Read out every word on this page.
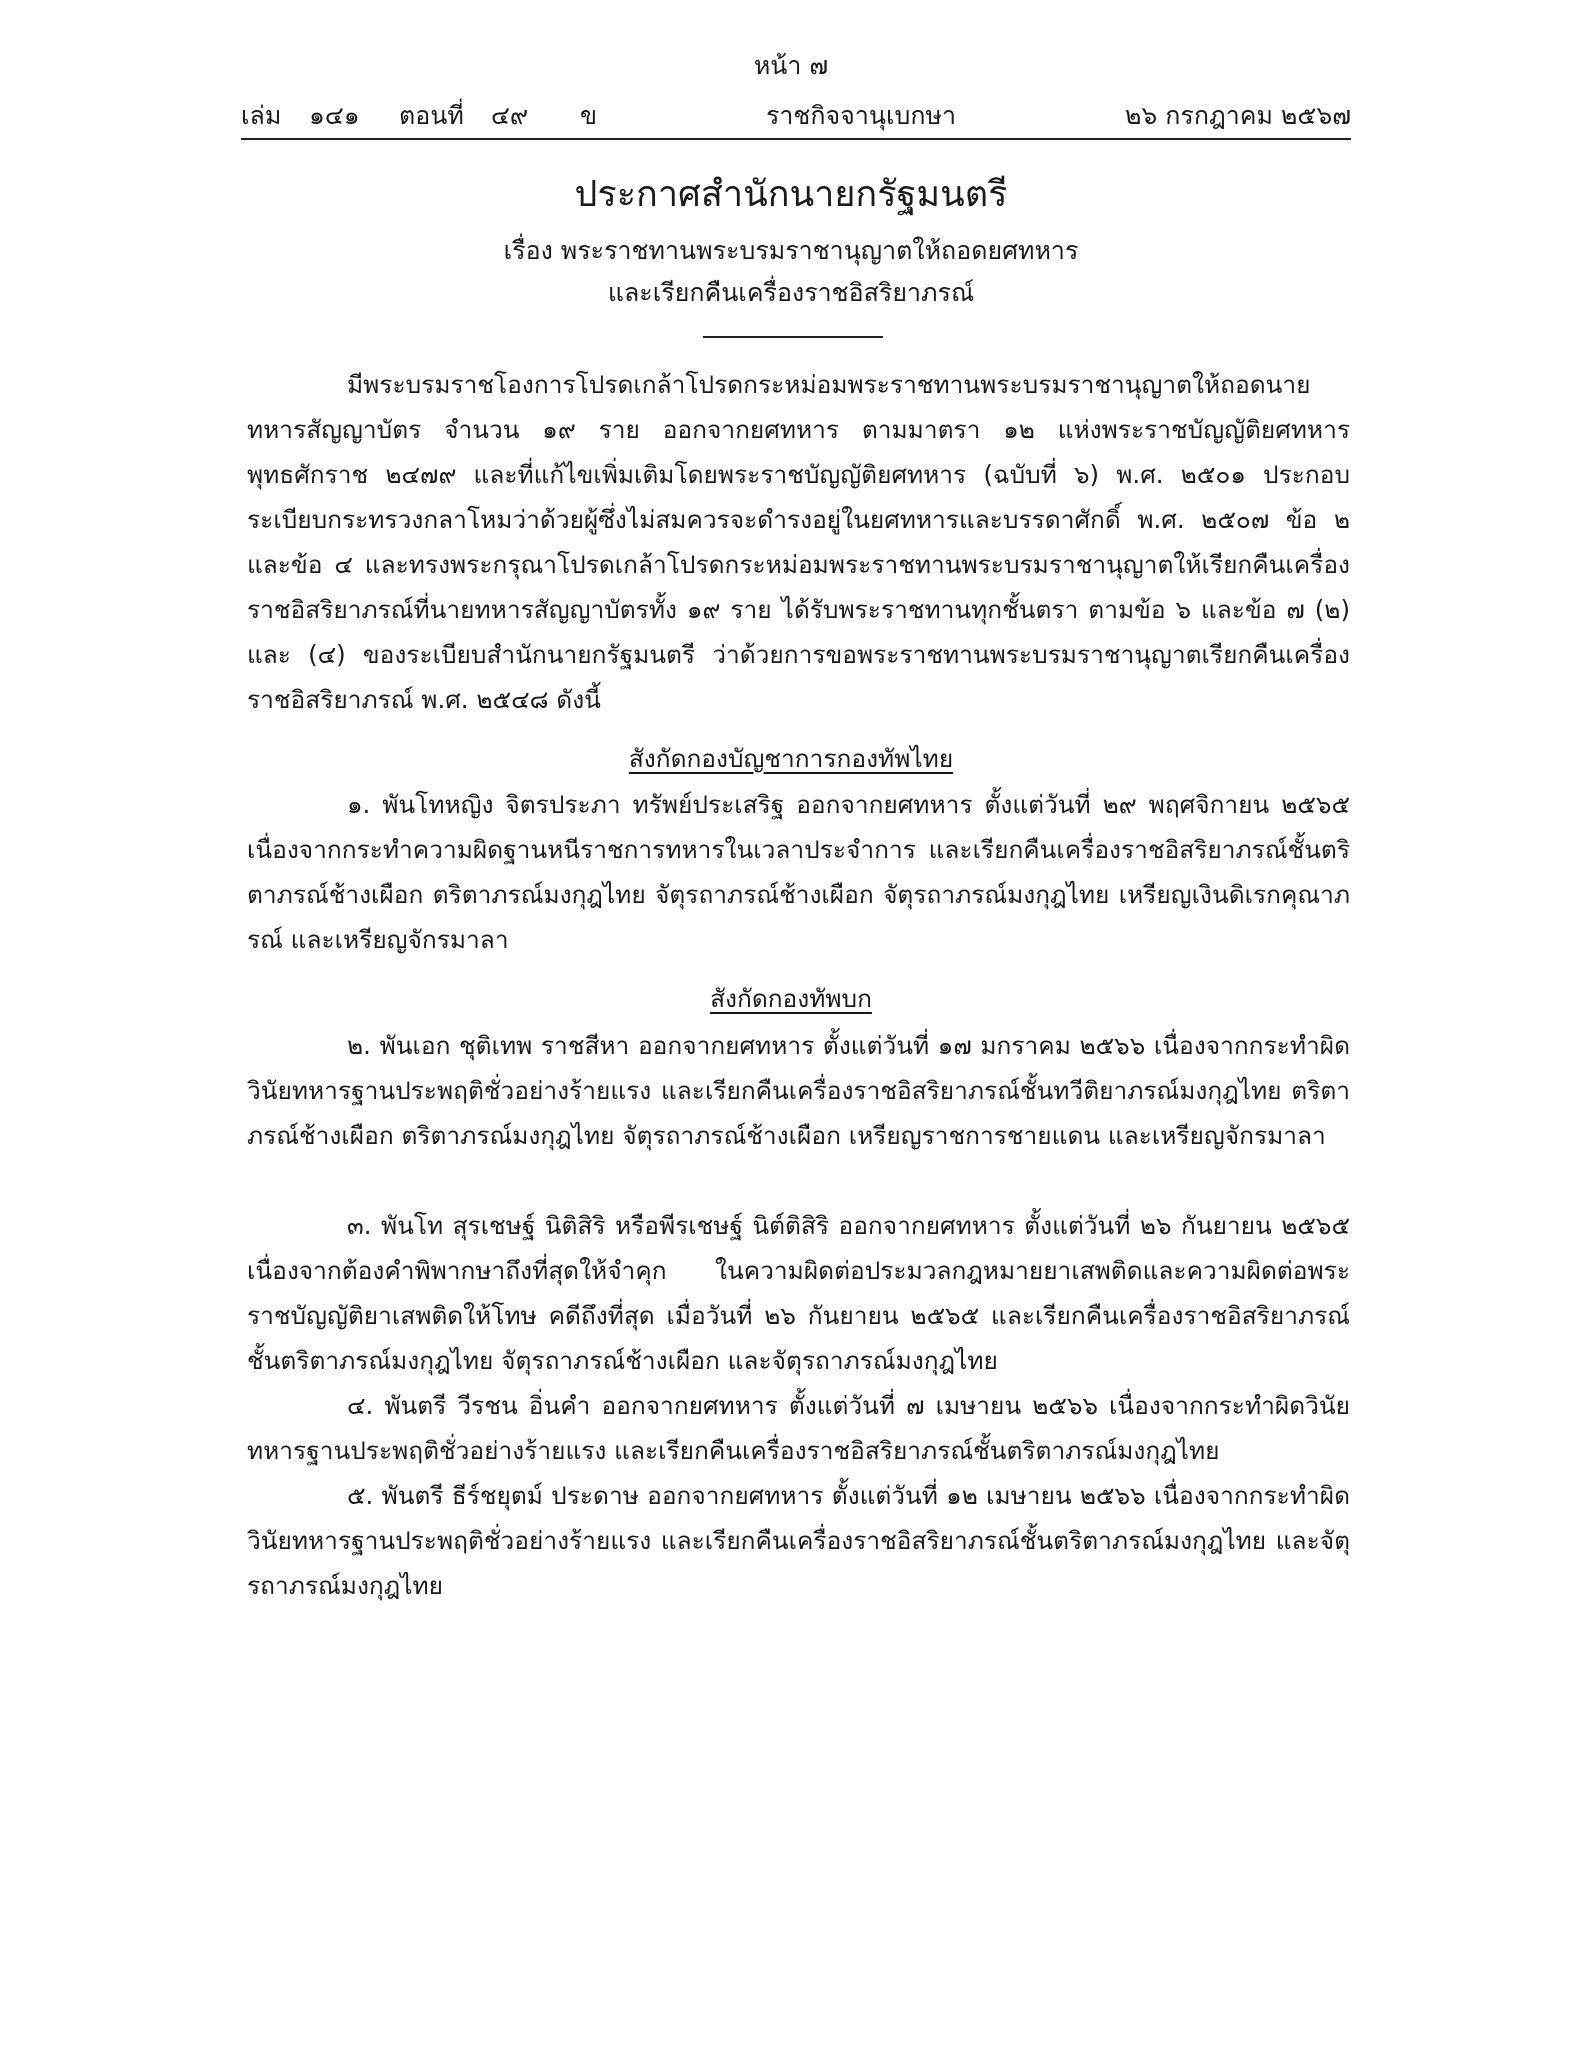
หน้า ๗
เล่ม ๑๔๑ ตอนที่ ๔๙ ข	ราชกิจจานุเบกษา	๒๖ กรกฎาคม ๒๕๖๗
ประกาศสำนักนายกรัฐมนตรี
เรื่อง พระราชทานพระบรมราชานุญาตให้ถอดยศทหาร
และเรียกคืนเครื่องราชอิสริยาภรณ์

มีพระบรมราชโองการโปรดเกล้าโปรดกระหม่อมพระราชทานพระบรมราชานุญาตให้ถอดนายทหารสัญญาบัตร จำนวน ๑๙ ราย ออกจากยศทหาร ตามมาตรา ๑๒ แห่งพระราชบัญญัติยศทหาร พุทธศักราช ๒๔๗๙ และที่แก้ไขเพิ่มเติมโดยพระราชบัญญัติยศทหาร (ฉบับที่ ๖) พ.ศ. ๒๕๐๑ ประกอบระเบียบกระทรวงกลาโหมว่าด้วยผู้ซึ่งไม่สมควรจะดำรงอยู่ในยศทหารและบรรดาศักดิ์ พ.ศ. ๒๕๐๗ ข้อ ๒ และข้อ ๔ และทรงพระกรุณาโปรดเกล้าโปรดกระหม่อมพระราชทานพระบรมราชานุญาตให้เรียกคืนเครื่องราชอิสริยาภรณ์ที่นายทหารสัญญาบัตรทั้ง ๑๙ ราย ได้รับพระราชทานทุกชั้นตรา ตามข้อ ๖ และข้อ ๗ (๒) และ (๔) ของระเบียบสำนักนายกรัฐมนตรี ว่าด้วยการขอพระราชทานพระบรมราชานุญาตเรียกคืนเครื่องราชอิสริยาภรณ์ พ.ศ. ๒๕๔๘ ดังนี้

สังกัดกองบัญชาการกองทัพไทย

๑. พันโทหญิง จิตรประภา ทรัพย์ประเสริฐ ออกจากยศทหาร ตั้งแต่วันที่ ๒๙ พฤศจิกายน ๒๕๖๕ เนื่องจากกระทำความผิดฐานหนีราชการทหารในเวลาประจำการ และเรียกคืนเครื่องราชอิสริยาภรณ์ชั้นตริตาภรณ์ช้างเผือก ตริตาภรณ์มงกุฎไทย จัตุรถาภรณ์ช้างเผือก จัตุรถาภรณ์มงกุฎไทย เหรียญเงินดิเรกคุณาภรณ์ และเหรียญจักรมาลา

สังกัดกองทัพบก

๒. พันเอก ชุติเทพ ราชสีหา ออกจากยศทหาร ตั้งแต่วันที่ ๑๗ มกราคม ๒๕๖๖ เนื่องจากกระทำผิดวินัยทหารฐานประพฤติชั่วอย่างร้ายแรง และเรียกคืนเครื่องราชอิสริยาภรณ์ชั้นทวีติยาภรณ์มงกุฎไทย ตริตาภรณ์ช้างเผือก ตริตาภรณ์มงกุฎไทย จัตุรถาภรณ์ช้างเผือก เหรียญราชการชายแดน และเหรียญจักรมาลา

๓. พันโท สุรเชษฐ์ นิติสิริ หรือพีรเชษฐ์ นิต์ติสิริ ออกจากยศทหาร ตั้งแต่วันที่ ๒๖ กันยายน ๒๕๖๕ เนื่องจากต้องคำพิพากษาถึงที่สุดให้จำคุก ในความผิดต่อประมวลกฎหมายยาเสพติดและความผิดต่อพระราชบัญญัติยาเสพติดให้โทษ คดีถึงที่สุด เมื่อวันที่ ๒๖ กันยายน ๒๕๖๕ และเรียกคืนเครื่องราชอิสริยาภรณ์ชั้นตริตาภรณ์มงกุฎไทย จัตุรถาภรณ์ช้างเผือก และจัตุรถาภรณ์มงกุฎไทย

๔. พันตรี วีรชน อิ่นคำ ออกจากยศทหาร ตั้งแต่วันที่ ๗ เมษายน ๒๕๖๖ เนื่องจากกระทำผิดวินัยทหารฐานประพฤติชั่วอย่างร้ายแรง และเรียกคืนเครื่องราชอิสริยาภรณ์ชั้นตริตาภรณ์มงกุฎไทย

๕. พันตรี ธีร์ชยุตม์ ประดาษ ออกจากยศทหาร ตั้งแต่วันที่ ๑๒ เมษายน ๒๕๖๖ เนื่องจากกระทำผิดวินัยทหารฐานประพฤติชั่วอย่างร้ายแรง และเรียกคืนเครื่องราชอิสริยาภรณ์ชั้นตริตาภรณ์มงกุฎไทย และจัตุรถาภรณ์มงกุฎไทย
